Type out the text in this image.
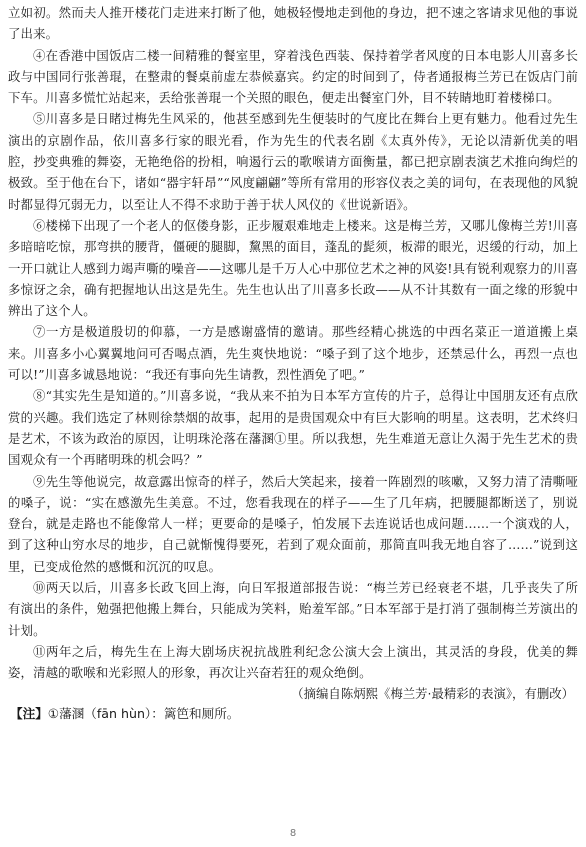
立如初。然而夫人推开楼花门走进来打断了他，她极轻慢地走到他的身边，把不速之客请求见他的事说了出来。

④在香港中国饭店二楼一间精雅的餐室里，穿着浅色西装、保持着学者风度的日本电影人川喜多长政与中国同行张善琨，在整肃的餐桌前虚左恭候嘉宾。约定的时间到了，侍者通报梅兰芳已在饭店门前下车。川喜多慌忙站起来，丢给张善琨一个关照的眼色，便走出餐室门外，目不转睛地盯着楼梯口。

⑤川喜多是日睹过梅先生风采的，他甚至感到先生便装时的气度比在舞台上更有魅力。他看过先生演出的京剧作品，依川喜多行家的眼光看，作为先生的代表名剧《太真外传》，无论以清新优美的唱腔，抄变典雅的舞姿，无艳绝俗的扮相，响遏行云的歌喉请方面衡量，都已把京剧表演艺术推向绚烂的极致。至于他在台下，诸如“器宇轩昂”“风度翩翩”等所有常用的形容仪表之美的词句，在表现他的风貌时都显得冗弱无力，以至让人不得不求助于善于状人风仪的《世说新语》。

⑥楼梯下出现了一个老人的伛偻身影，正步履艰难地走上楼来。这是梅兰芳，又哪儿像梅兰芳!川喜多暗暗吃惊，那弯拱的腰背，僵硬的腿脚，黧黑的面目，蓬乱的髭须，板滞的眼光，迟缓的行动，加上一开口就让人感到力竭声嘶的噪音——这哪儿是千万人心中那位艺术之神的风姿!具有锐利观察力的川喜多惊讶之余，确有把握地认出这是先生。先生也认出了川喜多长政——从不计其数有一面之缘的形貌中辨出了这个人。

⑦一方是极道殷切的仰慕，一方是感谢盛情的邀请。那些经精心挑选的中西名菜正一道道搬上桌来。川喜多小心翼翼地问可否喝点酒，先生爽快地说：“嗓子到了这个地步，还禁忌什么，再烈一点也可以!”川喜多诚恳地说：“我还有事向先生请教，烈性酒免了吧。”

⑧“其实先生是知道的。”川喜多说，“我从来不拍为日本军方宣传的片子，总得让中国朋友还有点欣赏的兴趣。我们选定了林则徐禁烟的故事，起用的是贵国观众中有巨大影响的明星。这表明，艺术终归是艺术，不该为政治的原因，让明珠沦落在藩溷①里。所以我想，先生难道无意让久渴于先生艺术的贵国观众有一个再睹明珠的机会吗？”

⑨先生等他说完，故意露出惊奇的样子，然后大笑起来，接着一阵剧烈的咳嗽，又努力清了清嘶哑的嗓子，说：“实在感激先生美意。不过，您看我现在的样子——生了几年病，把腰腿都断送了，别说登台，就是走路也不能像常人一样；更要命的是嗓子，怕发展下去连说话也成问题……一个演戏的人，到了这种山穷水尽的地步，自己就惭愧得要死，若到了观众面前，那简直叫我无地自容了……”说到这里，已变成伧然的感慨和沉沉的叹息。

⑩两天以后，川喜多长政飞回上海，向日军报道部报告说：“梅兰芳已经衰老不堪，几乎丧失了所有演出的条件，勉强把他搬上舞台，只能成为笑料，贻羞军部。”日本军部于是打消了强制梅兰芳演出的计划。

⑪两年之后，梅先生在上海大剧场庆祝抗战胜利纪念公演大会上演出，其灵活的身段，优美的舞姿，清越的歌喉和光彩照人的形象，再次让兴奋若狂的观众绝倒。

（摘编自陈炳熙《梅兰芳·最精彩的表演》，有删改）

【注】①藩溷（fān hùn）：篱笆和厕所。

8
